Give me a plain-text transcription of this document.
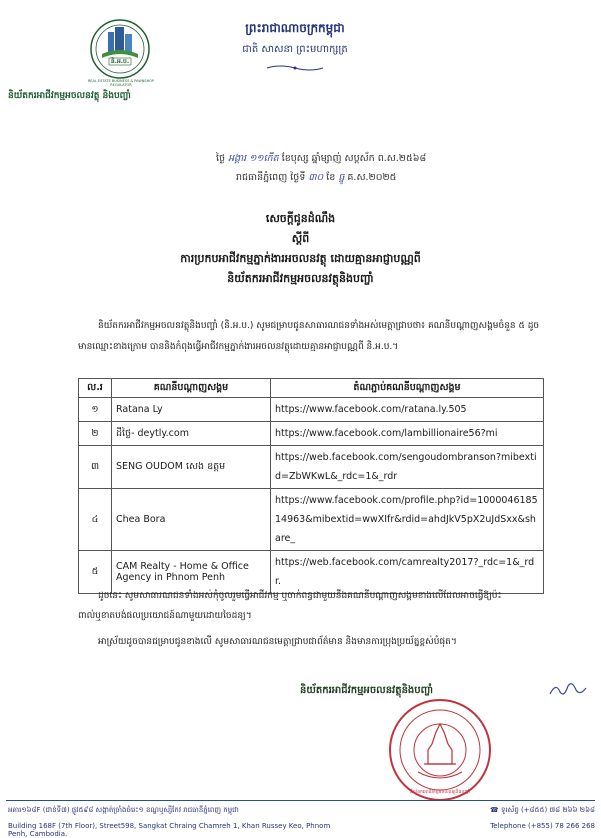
និ.អ.ប.
REAL ESTATE BUSINESS & PAWNSHOP REGULATOR
និយ័តករអាជីវកម្មអចលនវត្ថុ និងបញ្ចាំ
ព្រះរាជាណាចក្រកម្ពុជា
ជាតិ សាសនា ព្រះមហាក្សត្រ
ថ្ងៃ អង្គារ ១១កើត ខែបុស្ស ឆ្នាំម្សាញ់ សប្តស័ក ព.ស.២៥៦៨
រាជធានីភ្នំពេញ ថ្ងៃទី ៣០ ខែ ធ្នូ គ.ស.២០២៥
សេចក្តីជូនដំណឹង
ស្តីពី
ការប្រកបអាជីវកម្មភ្នាក់ងារអចលនវត្ថុ ដោយគ្មានអាជ្ញាបណ្ណពី
និយ័តករអាជីវកម្មអចលនវត្ថុនិងបញ្ចាំ
និយ័តករអាជីវកម្មអចលនវត្ថុនិងបញ្ចាំ (និ.អ.ប.) សូមជម្រាបជូនសាធារណជនទាំងអស់មេត្តាជ្រាបថា៖ គណនីបណ្តាញសង្គមចំនួន ៥ ដូចមានឈ្មោះខាងក្រោម បាននិងកំពុងធ្វើអាជីវកម្មភ្នាក់ងារអចលនវត្ថុដោយគ្មានអាជ្ញាបណ្ណពី និ.អ.ប.។
ល.រ	គណនីបណ្តាញសង្គម	តំណភ្ជាប់គណនីបណ្តាញសង្គម
១	Ratana Ly	https://www.facebook.com/ratana.ly.505
២	ដីថ្លៃ- deytly.com	https://www.facebook.com/lambillionaire56?mi
៣	SENG OUDOM សេង ឧត្តម	https://web.facebook.com/sengoudombranson?mibextid=ZbWKwL&_rdc=1&_rdr
៤	Chea Bora	https://www.facebook.com/profile.php?id=100004618514963&mibextid=wwXIfr&rdid=ahdJkV5pX2uJdSxx&share_
៥	CAM Realty - Home & Office Agency in Phnom Penh	https://web.facebook.com/camrealty2017?_rdc=1&_rdr.
ដូចនេះ សូមសាធារណជនទាំងអស់កុំចូលរួមធ្វើអាជីវកម្ម ឬចាក់ពន្ធជាមួយនឹងគណនីបណ្តាញសង្គមខាងលើដែលអាចធ្វើឱ្យប៉ះពាល់ឬខាតបង់ផលប្រយោជន៍ណាមួយដោយចៃដន្យ។
អាស្រ័យដូចបានជម្រាបជូនខាងលើ សូមសាធារណជនមេត្តាជ្រាបជាព័ត៌មាន និងមានការប្រុងប្រយ័ត្នខ្ពស់បំផុត។
និយ័តករអាជីវកម្មអចលនវត្ថុនិងបញ្ចាំ
និយ័តករអាជីវកម្មអចលនវត្ថុនិងបញ្ចាំ
អគារ១៦៨F (ជាន់ទី៧) ផ្លូវ៥៩៨ សង្កាត់ច្រាំងចំរេះ១ ខណ្ឌឬស្សីកែវ រាជធានីភ្នំពេញ កម្ពុជា
Building 168F (7th Floor), Street598, Sangkat Chraing Chamreh 1, Khan Russey Keo, Phnom Penh, Cambodia.
☎ ទូរស័ព្ទ (+៨៥៥) ៧៨ ២៦៦ ២៦៨
Telephone (+855) 78 266 268
